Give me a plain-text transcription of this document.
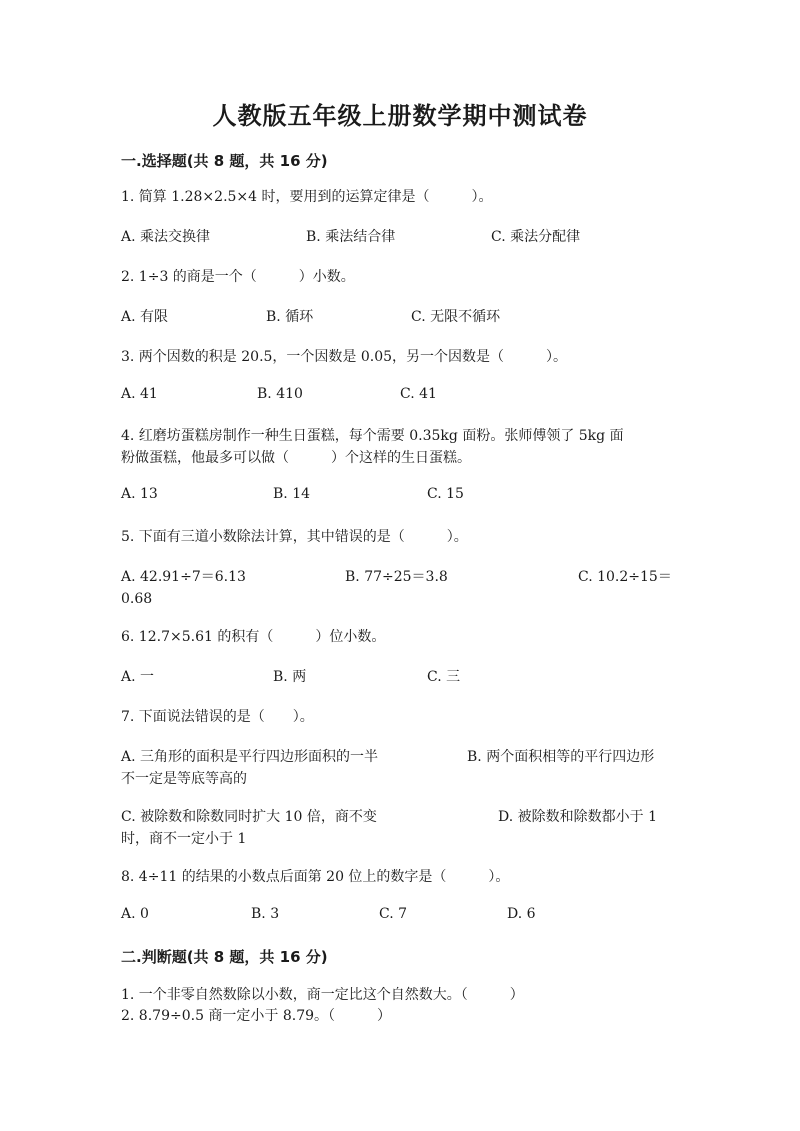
人教版五年级上册数学期中测试卷
一.选择题(共 8 题，共 16 分)
1. 简算 1.28×2.5×4 时，要用到的运算定律是（　　　）。
A. 乘法交换律	B. 乘法结合律	C. 乘法分配律
2. 1÷3 的商是一个（　　　）小数。
A. 有限	B. 循环	C. 无限不循环
3. 两个因数的积是 20.5，一个因数是 0.05，另一个因数是（　　　）。
A. 41	B. 410	C. 41
4. 红磨坊蛋糕房制作一种生日蛋糕，每个需要 0.35kg 面粉。张师傅领了 5kg 面
粉做蛋糕，他最多可以做（　　　）个这样的生日蛋糕。
A. 13	B. 14	C. 15
5. 下面有三道小数除法计算，其中错误的是（　　　）。
A. 42.91÷7＝6.13	B. 77÷25＝3.8	C. 10.2÷15＝
0.68
6. 12.7×5.61 的积有（　　　）位小数。
A. 一	B. 两	C. 三
7. 下面说法错误的是（　　）。
A. 三角形的面积是平行四边形面积的一半	B. 两个面积相等的平行四边形
不一定是等底等高的
C. 被除数和除数同时扩大 10 倍，商不变	D. 被除数和除数都小于 1
时，商不一定小于 1
8. 4÷11 的结果的小数点后面第 20 位上的数字是（　　　）。
A. 0	B. 3	C. 7	D. 6
二.判断题(共 8 题，共 16 分)
1. 一个非零自然数除以小数，商一定比这个自然数大。（　　　）
2. 8.79÷0.5 商一定小于 8.79。（　　　）
